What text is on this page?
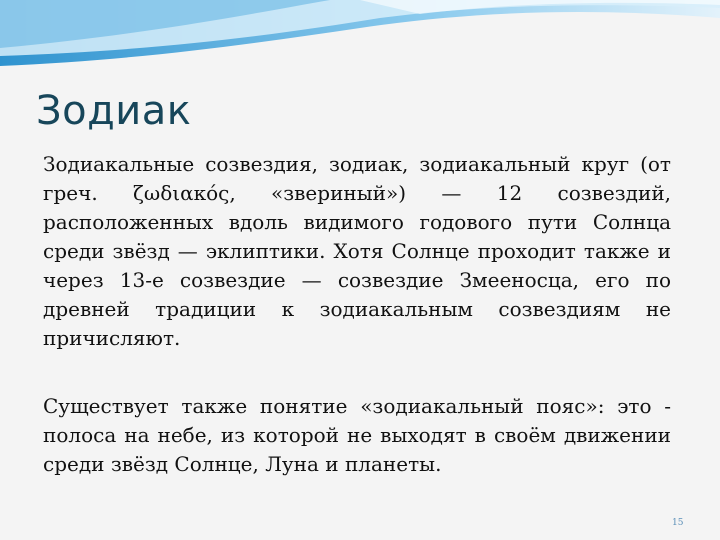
Зодиак

Зодиакальные созвездия, зодиак, зодиакальный круг (от греч. ζωδιακός, «звериный») — 12 созвездий, расположенных вдоль видимого годового пути Солнца среди звёзд — эклиптики. Хотя Солнце проходит также и через 13-е созвездие — созвездие Змееносца, его по древней традиции к зодиакальным созвездиям не причисляют.

Существует также понятие «зодиакальный пояс»: это - полоса на небе, из которой не выходят в своём движении среди звёзд Солнце, Луна и планеты.

15
